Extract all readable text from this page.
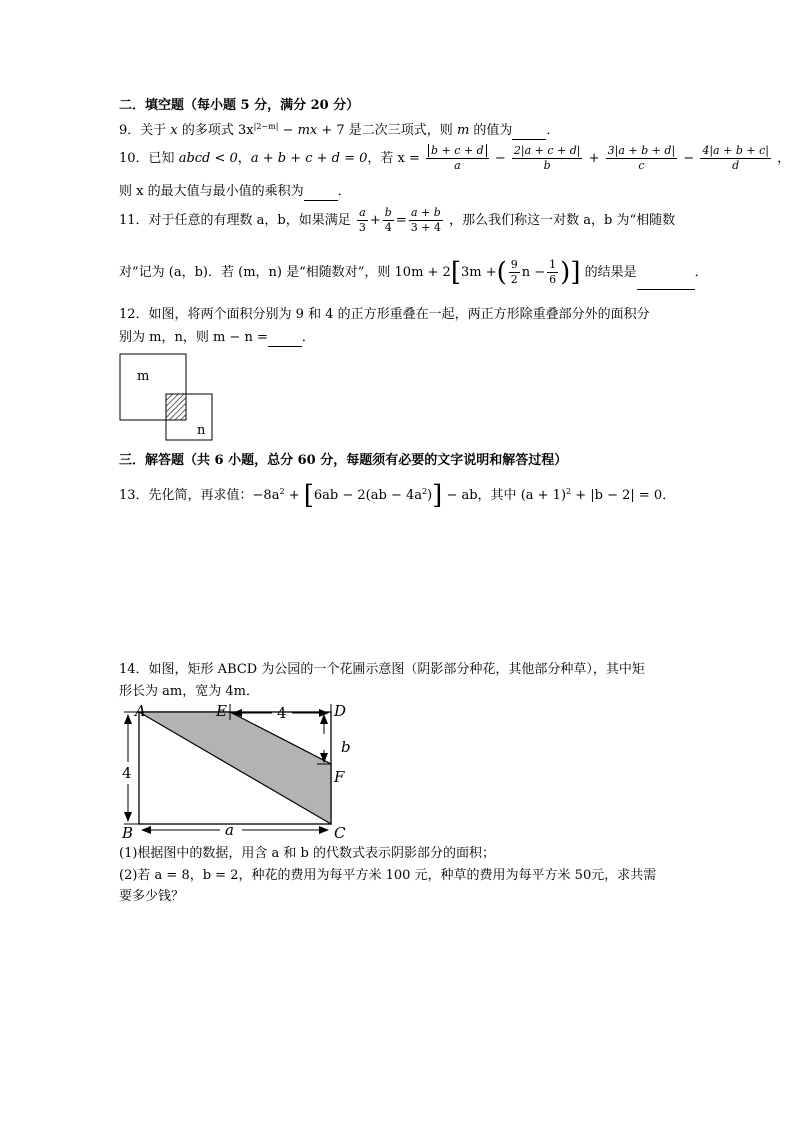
二．填空题（每小题 5 分，满分 20 分）
9．关于 x 的多项式 $3x^{|2-m|}$ − mx + 7 是二次三项式，则 m 的值为	．
10．已知 abcd < 0，a + b + c + d = 0，若 $x = \frac{b + c + d}{a} - \frac{2|a + c + d|}{b} + \frac{3|a + b + d|}{c} - \frac{4|a + b + c|}{d}$ ，
则 x 的最大值与最小值的乘积为	．
11．对于任意的有理数 a，b，如果满足 $\frac{a}{3} + \frac{b}{4} = \frac{a + b}{3 + 4}$ ，那么我们称这一对数 a，b 为“相随数
对”记为 (a，b)．若 (m，n) 是“相随数对”，则 10m + 2[3m +( $\frac{9}{2}$ $n - \frac{1}{6}$ )] 的结果是	．
12．如图，将两个面积分别为 9 和 4 的正方形重叠在一起，两正方形除重叠部分外的面积分
别为 m，n，则 m − n =	．
m
n
三．解答题（共 6 小题，总分 60 分，每题须有必要的文字说明和解答过程）
13．先化简，再求值：$-8a^2 + [6ab - 2(ab - 4a^2)]$ − ab，其中 $(a + 1)^2 + |b - 2| = 0$．
14．如图，矩形 ABCD 为公园的一个花圃示意图（阴影部分种花，其他部分种草），其中矩
形长为 am，宽为 4m．
4
4
b
a
A	E	D
F
B	C
(1)根据图中的数据，用含 a 和 b 的代数式表示阴影部分的面积；
(2)若 a = 8，b = 2，种花的费用为每平方米 100 元，种草的费用为每平方米 50元，求共需
要多少钱？
